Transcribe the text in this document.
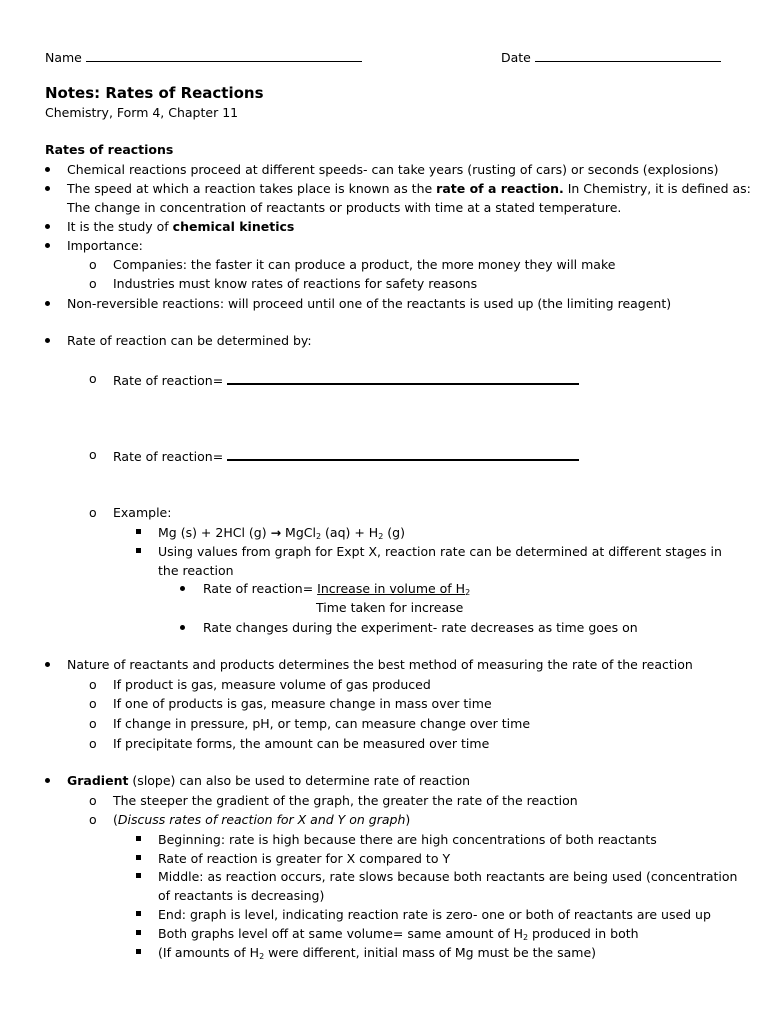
Name	Date
Notes: Rates of Reactions
Chemistry, Form 4, Chapter 11
Rates of reactions
Chemical reactions proceed at different speeds- can take years (rusting of cars) or seconds (explosions)
The speed at which a reaction takes place is known as the rate of a reaction. In Chemistry, it is defined as:
The change in concentration of reactants or products with time at a stated temperature.
It is the study of chemical kinetics
Importance:
o Companies: the faster it can produce a product, the more money they will make
o Industries must know rates of reactions for safety reasons
Non-reversible reactions: will proceed until one of the reactants is used up (the limiting reagent)
Rate of reaction can be determined by:
o Rate of reaction=
o Rate of reaction=
o Example:
Mg (s) + 2HCl (g) → MgCl$_2$ $(aq) + H_2$ (g)
Using values from graph for Expt X, reaction rate can be determined at different stages in
the reaction
Rate of reaction= Increase in volume of $H_2$
Time taken for increase
Rate changes during the experiment- rate decreases as time goes on
Nature of reactants and products determines the best method of measuring the rate of the reaction
o If product is gas, measure volume of gas produced
o If one of products is gas, measure change in mass over time
o If change in pressure, pH, or temp, can measure change over time
o If precipitate forms, the amount can be measured over time
Gradient (slope) can also be used to determine rate of reaction
o The steeper the gradient of the graph, the greater the rate of the reaction
o (Discuss rates of reaction for X and Y on graph)
Beginning: rate is high because there are high concentrations of both reactants
Rate of reaction is greater for X compared to Y
Middle: as reaction occurs, rate slows because both reactants are being used (concentration
of reactants is decreasing)
End: graph is level, indicating reaction rate is zero- one or both of reactants are used up
Both graphs level off at same volume= same amount of $H_2$ produced in both
(If amounts of $H_2$ were different, initial mass of Mg must be the same)
